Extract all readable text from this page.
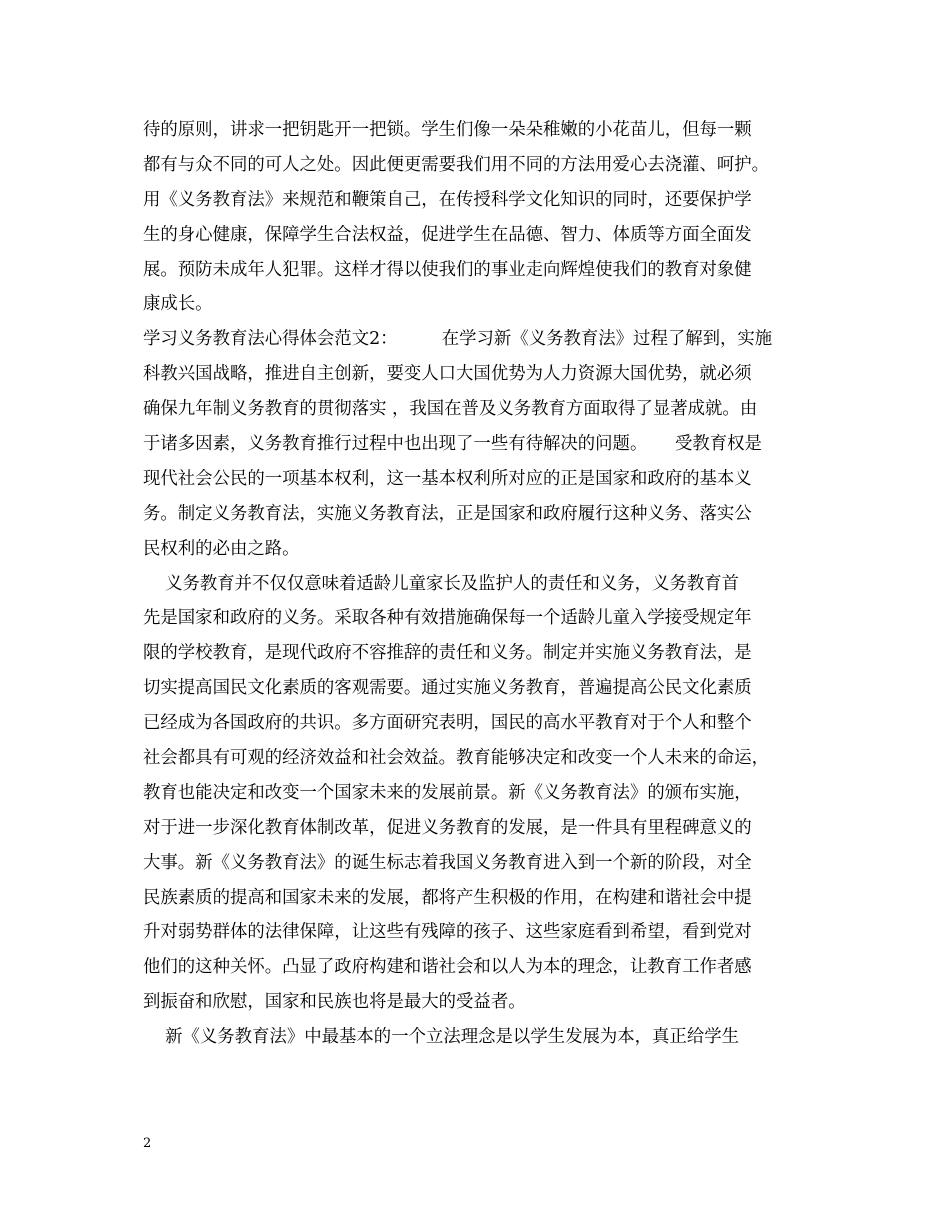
待的原则，讲求一把钥匙开一把锁。学生们像一朵朵稚嫩的小花苗儿，但每一颗
都有与众不同的可人之处。因此便更需要我们用不同的方法用爱心去浇灌、呵护。
用《义务教育法》来规范和鞭策自己，在传授科学文化知识的同时，还要保护学
生的身心健康，保障学生合法权益，促进学生在品德、智力、体质等方面全面发
展。预防未成年人犯罪。这样才得以使我们的事业走向辉煌使我们的教育对象健
康成长。
学习义务教育法心得体会范文2：        在学习新《义务教育法》过程了解到，实施
科教兴国战略，推进自主创新，要变人口大国优势为人力资源大国优势，就必须
确保九年制义务教育的贯彻落实 ，我国在普及义务教育方面取得了显著成就。由
于诸多因素，义务教育推行过程中也出现了一些有待解决的问题。     受教育权是
现代社会公民的一项基本权利，这一基本权利所对应的正是国家和政府的基本义
务。制定义务教育法，实施义务教育法，正是国家和政府履行这种义务、落实公
民权利的必由之路。
义务教育并不仅仅意味着适龄儿童家长及监护人的责任和义务，义务教育首
先是国家和政府的义务。采取各种有效措施确保每一个适龄儿童入学接受规定年
限的学校教育，是现代政府不容推辞的责任和义务。制定并实施义务教育法，是
切实提高国民文化素质的客观需要。通过实施义务教育，普遍提高公民文化素质
已经成为各国政府的共识。多方面研究表明，国民的高水平教育对于个人和整个
社会都具有可观的经济效益和社会效益。教育能够决定和改变一个人未来的命运，
教育也能决定和改变一个国家未来的发展前景。新《义务教育法》的颁布实施，
对于进一步深化教育体制改革，促进义务教育的发展，是一件具有里程碑意义的
大事。新《义务教育法》的诞生标志着我国义务教育进入到一个新的阶段，对全
民族素质的提高和国家未来的发展，都将产生积极的作用，在构建和谐社会中提
升对弱势群体的法律保障，让这些有残障的孩子、这些家庭看到希望，看到党对
他们的这种关怀。凸显了政府构建和谐社会和以人为本的理念，让教育工作者感
到振奋和欣慰，国家和民族也将是最大的受益者。
新《义务教育法》中最基本的一个立法理念是以学生发展为本，真正给学生
2
